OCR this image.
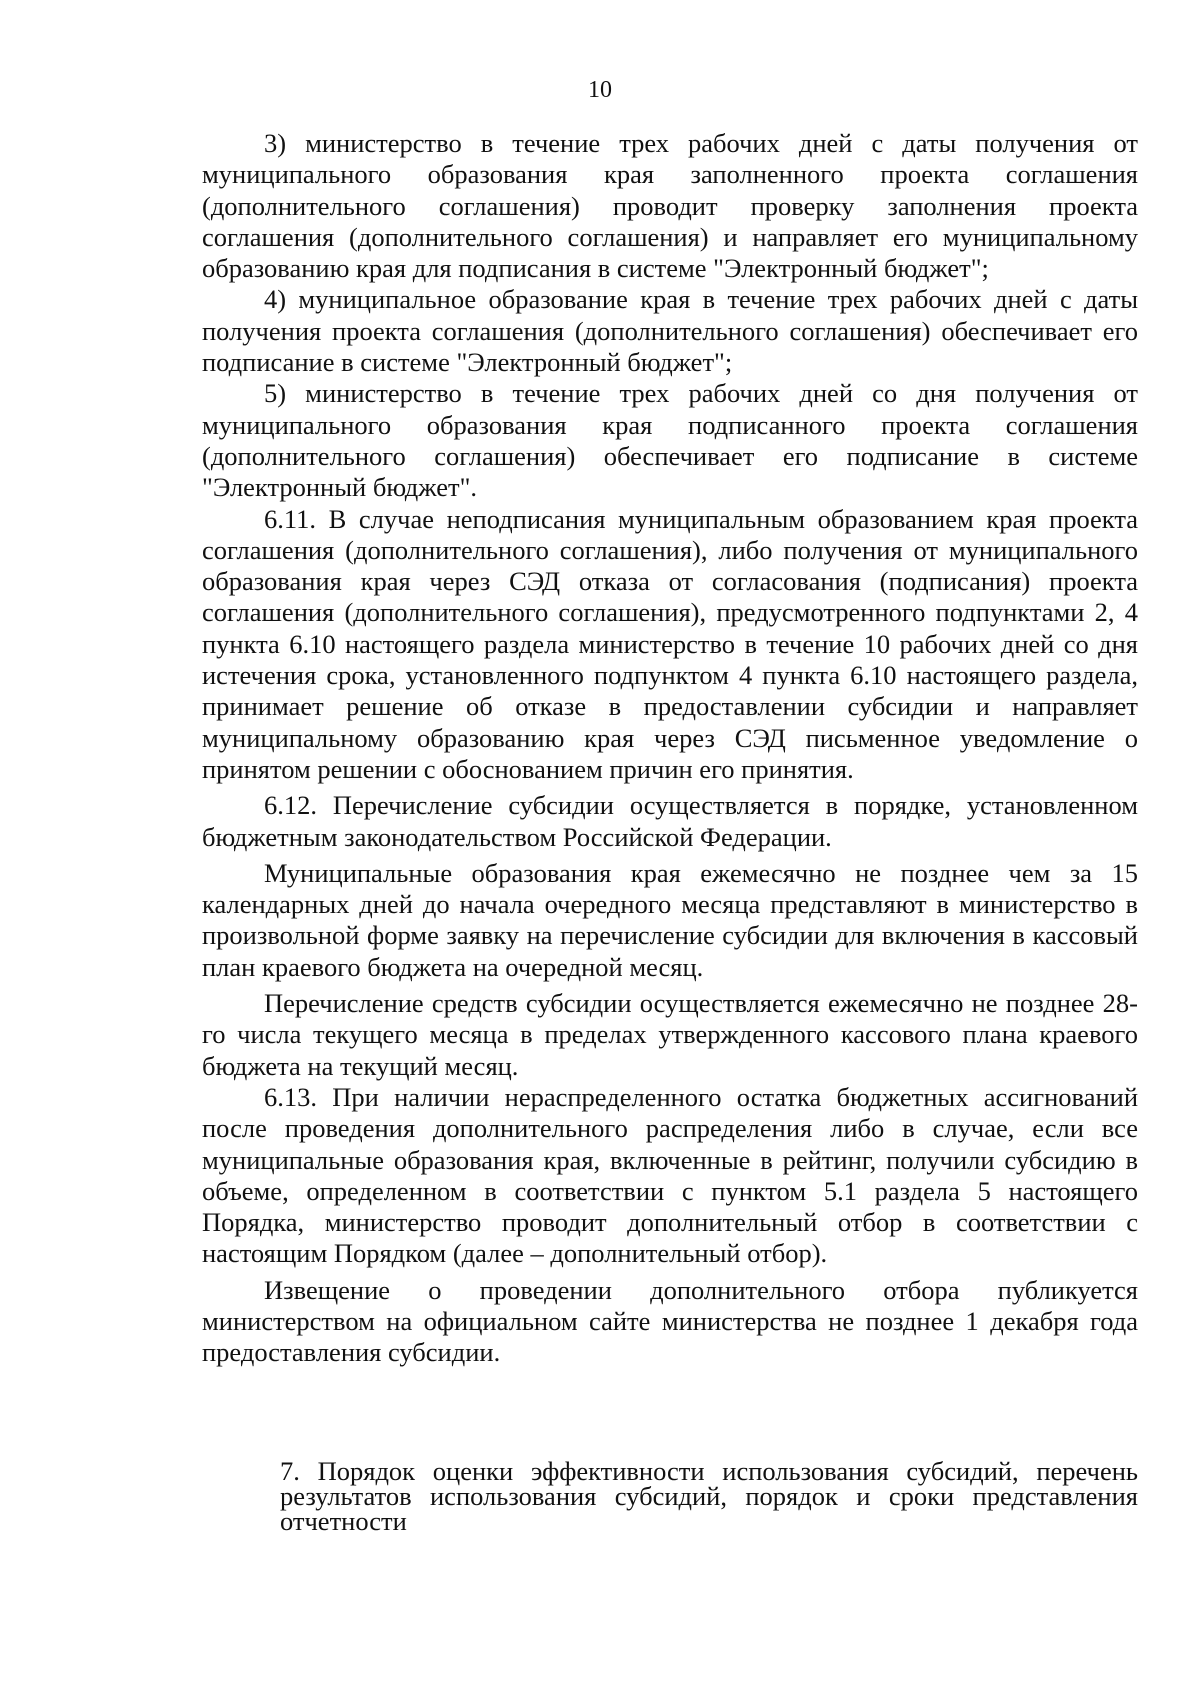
10

3) министерство в течение трех рабочих дней с даты получения от муниципального образования края заполненного проекта соглашения (дополнительного соглашения) проводит проверку заполнения проекта соглашения (дополнительного соглашения) и направляет его муниципальному образованию края для подписания в системе "Электронный бюджет";

4) муниципальное образование края в течение трех рабочих дней с даты получения проекта соглашения (дополнительного соглашения) обеспечивает его подписание в системе "Электронный бюджет";

5) министерство в течение трех рабочих дней со дня получения от муниципального образования края подписанного проекта соглашения (дополнительного соглашения) обеспечивает его подписание в системе "Электронный бюджет".

6.11. В случае неподписания муниципальным образованием края проекта соглашения (дополнительного соглашения), либо получения от муниципального образования края через СЭД отказа от согласования (подписания) проекта соглашения (дополнительного соглашения), предусмотренного подпунктами 2, 4 пункта 6.10 настоящего раздела министерство в течение 10 рабочих дней со дня истечения срока, установленного подпунктом 4 пункта 6.10 настоящего раздела, принимает решение об отказе в предоставлении субсидии и направляет муниципальному образованию края через СЭД письменное уведомление о принятом решении с обоснованием причин его принятия.

6.12. Перечисление субсидии осуществляется в порядке, установленном бюджетным законодательством Российской Федерации.

Муниципальные образования края ежемесячно не позднее чем за 15 календарных дней до начала очередного месяца представляют в министерство в произвольной форме заявку на перечисление субсидии для включения в кассовый план краевого бюджета на очередной месяц.

Перечисление средств субсидии осуществляется ежемесячно не позднее 28-го числа текущего месяца в пределах утвержденного кассового плана краевого бюджета на текущий месяц.

6.13. При наличии нераспределенного остатка бюджетных ассигнований после проведения дополнительного распределения либо в случае, если все муниципальные образования края, включенные в рейтинг, получили субсидию в объеме, определенном в соответствии с пунктом 5.1 раздела 5 настоящего Порядка, министерство проводит дополнительный отбор в соответствии с настоящим Порядком (далее – дополнительный отбор).

Извещение о проведении дополнительного отбора публикуется министерством на официальном сайте министерства не позднее 1 декабря года предоставления субсидии.

7. Порядок оценки эффективности использования субсидий, перечень результатов использования субсидий, порядок и сроки представления отчетности
